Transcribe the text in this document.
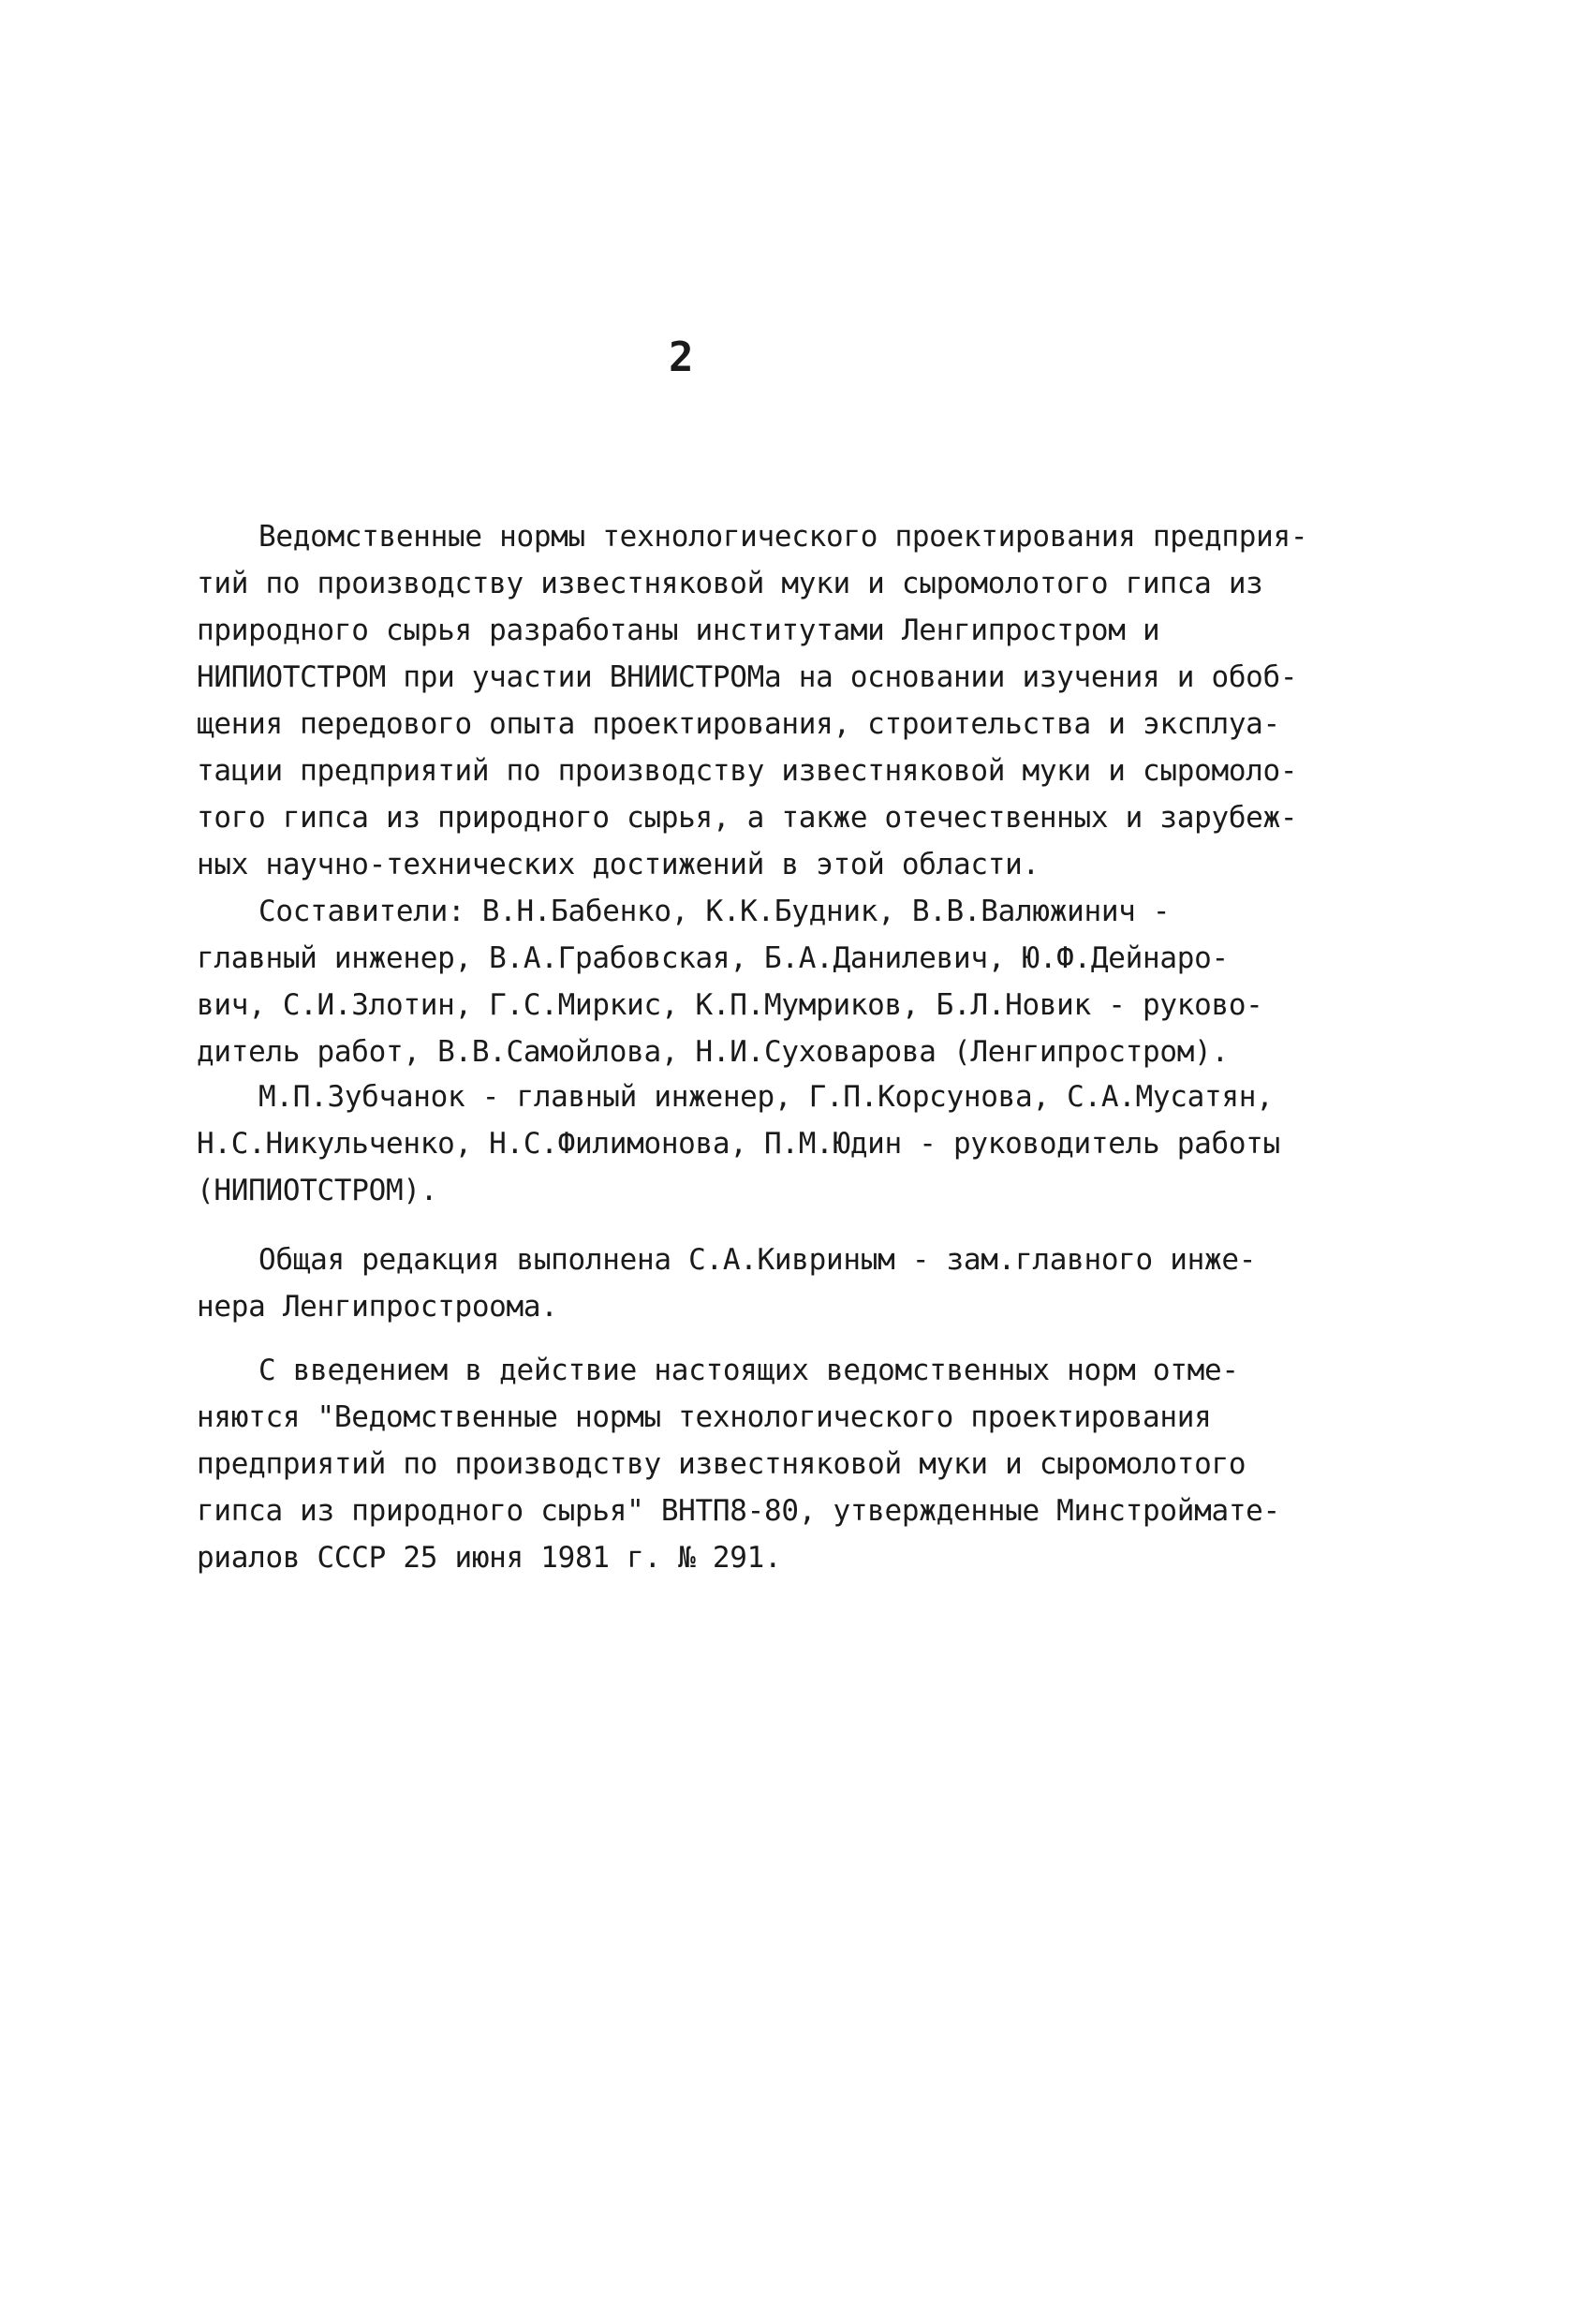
2
Ведомственные нормы технологического проектирования предприя-
тий по производству известняковой муки и сыромолотого гипса из
природного сырья разработаны институтами Ленгипростром и
НИПИОТСТРОМ при участии ВНИИСТРОМа на основании изучения и обоб-
щения передового опыта проектирования, строительства и эксплуа-
тации предприятий по производству известняковой муки и сыромоло-
того гипса из природного сырья, а также отечественных и зарубеж-
ных научно-технических достижений в этой области.
Составители: В.Н.Бабенко, К.К.Будник, В.В.Валюжинич -
главный инженер, В.А.Грабовская, Б.А.Данилевич, Ю.Ф.Дейнаро-
вич, С.И.Злотин, Г.С.Миркис, К.П.Мумриков, Б.Л.Новик - руково-
дитель работ, В.В.Самойлова, Н.И.Суховарова (Ленгипростром).
М.П.Зубчанок - главный инженер, Г.П.Корсунова, С.А.Мусатян,
Н.С.Никульченко, Н.С.Филимонова, П.М.Юдин - руководитель работы
(НИПИОТСТРОМ).
Общая редакция выполнена С.А.Кивриным - зам.главного инже-
нера Ленгипростроома.
С введением в действие настоящих ведомственных норм отме-
няются "Ведомственные нормы технологического проектирования
предприятий по производству известняковой муки и сыромолотого
гипса из природного сырья" ВНТП8-80, утвержденные Минстройматe-
риалов СССР 25 июня 1981 г. № 291.
